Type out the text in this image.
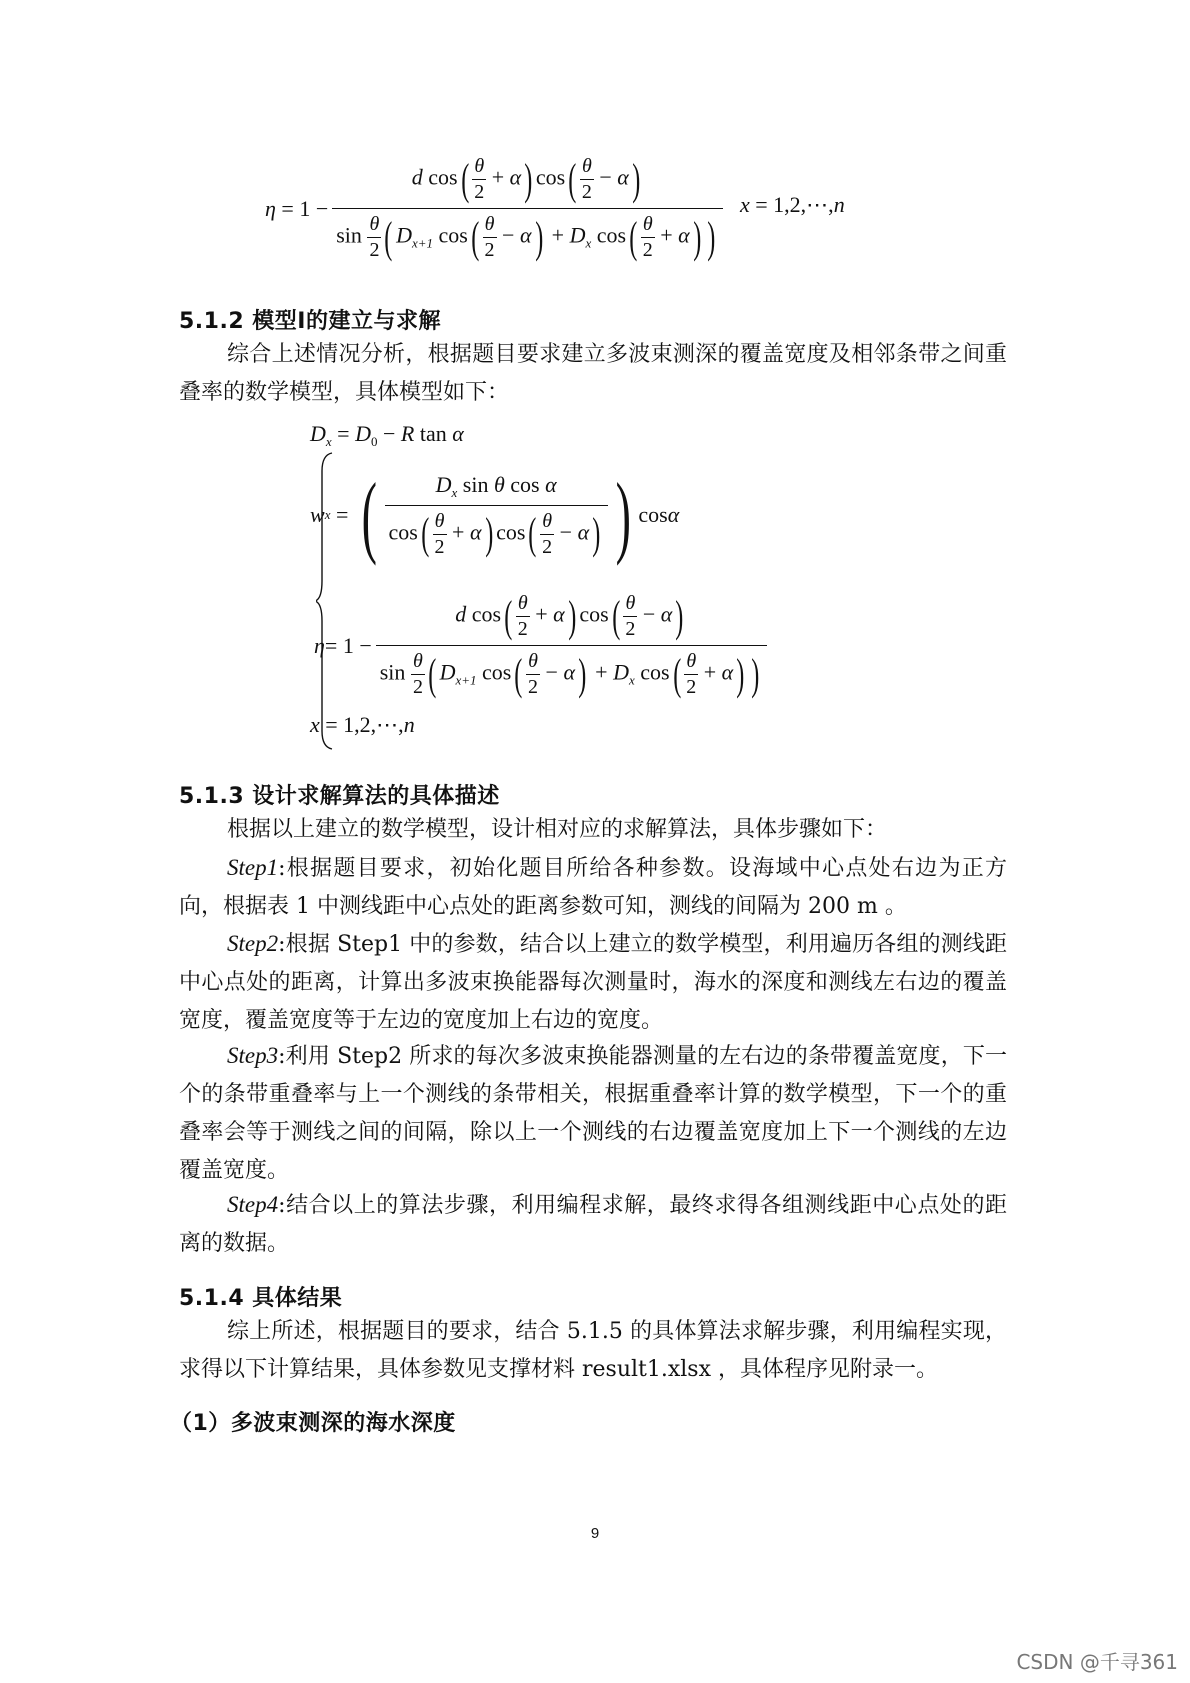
$\eta = 1 - \frac{d \cos( \frac{\theta}{2} + \alpha) \cos( \frac{\theta}{2} - \alpha)}{\sin \frac{\theta}{2} ( D_{x+1} \cos( \frac{\theta}{2} - \alpha) + D_x \cos( \frac{\theta}{2} + \alpha) )}$ x = 1,2,⋯,n
5.1.2 模型Ⅰ的建立与求解
综合上述情况分析，根据题目要求建立多波束测深的覆盖宽度及相邻条带之间重叠率的数学模型，具体模型如下：
$D_x = D_0 - R$ tan α
w x = ( $\frac{D_x \sin \theta \cos \alpha}{\cos( \frac{\theta}{2} + \alpha) \cos( \frac{\theta}{2} - \alpha)}$ ) cos α
$\eta = 1 - \frac{d \cos( \frac{\theta}{2} + \alpha) \cos( \frac{\theta}{2} - \alpha)}{\sin \frac{\theta}{2} ( D_{x+1} \cos( \frac{\theta}{2} - \alpha) + D_x \cos( \frac{\theta}{2} + \alpha) )}$
x = 1,2,⋯,n
5.1.3 设计求解算法的具体描述
根据以上建立的数学模型，设计相对应的求解算法，具体步骤如下：
Step1:根据题目要求，初始化题目所给各种参数。设海域中心点处右边为正方向，根据表 1 中测线距中心点处的距离参数可知，测线的间隔为 200 m 。
Step2:根据 Step1 中的参数，结合以上建立的数学模型，利用遍历各组的测线距中心点处的距离，计算出多波束换能器每次测量时，海水的深度和测线左右边的覆盖宽度，覆盖宽度等于左边的宽度加上右边的宽度。
Step3:利用 Step2 所求的每次多波束换能器测量的左右边的条带覆盖宽度，下一个的条带重叠率与上一个测线的条带相关，根据重叠率计算的数学模型，下一个的重叠率会等于测线之间的间隔，除以上一个测线的右边覆盖宽度加上下一个测线的左边覆盖宽度。
Step4:结合以上的算法步骤，利用编程求解，最终求得各组测线距中心点处的距离的数据。
5.1.4 具体结果
综上所述，根据题目的要求，结合 5.1.5 的具体算法求解步骤，利用编程实现，求得以下计算结果，具体参数见支撑材料 result1.xlsx ，具体程序见附录一。
（1）多波束测深的海水深度
9
CSDN @千寻361
